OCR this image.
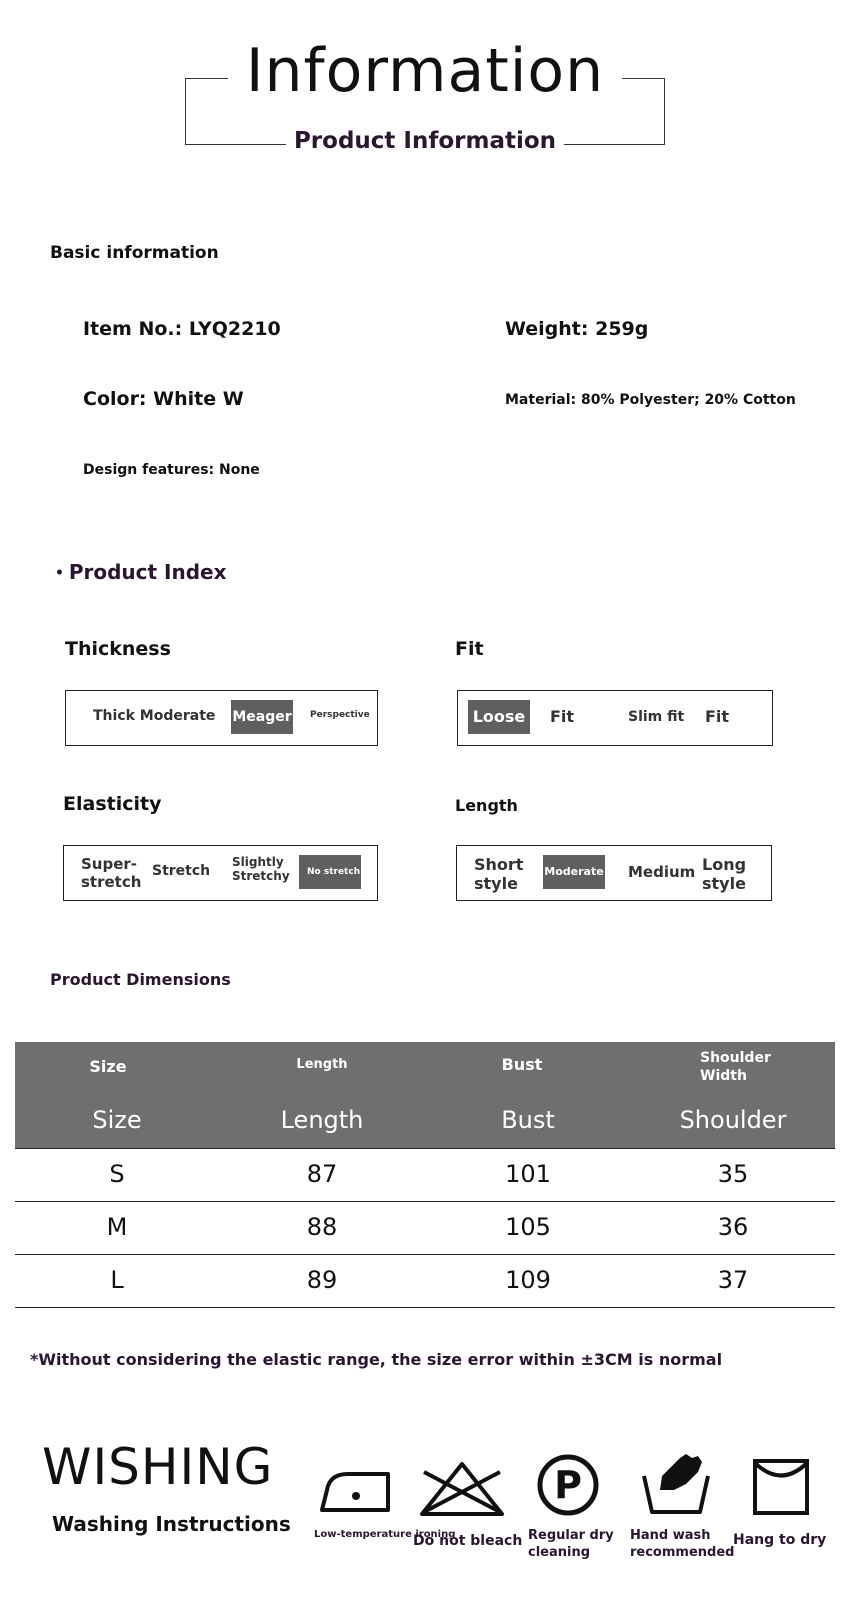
Information
Product Information
Basic information
Item No.: LYQ2210	Weight: 259g
Color: White W	Material: 80% Polyester; 20% Cotton
Design features: None
• Product Index
Thickness
Thick Moderate Meager Perspective
Fit
Loose Fit	Slim fit Fit
Elasticity
Super-stretch
Stretch
Slightly Stretchy	No stretch
Length
Short style
Moderate Medium Long style
Product Dimensions
Size	Length	Bust	Shoulder Width
Size	Length	Bust	Shoulder
S	87	101	35
M	88	105	36
L	89	109	37
*Without considering the elastic range, the size error within ±3CM is normal
WISHING
Washing Instructions Low-temperature ironing
Do not bleach
P
Regular dry cleaning
Hand wash recommended
Hang to dry
